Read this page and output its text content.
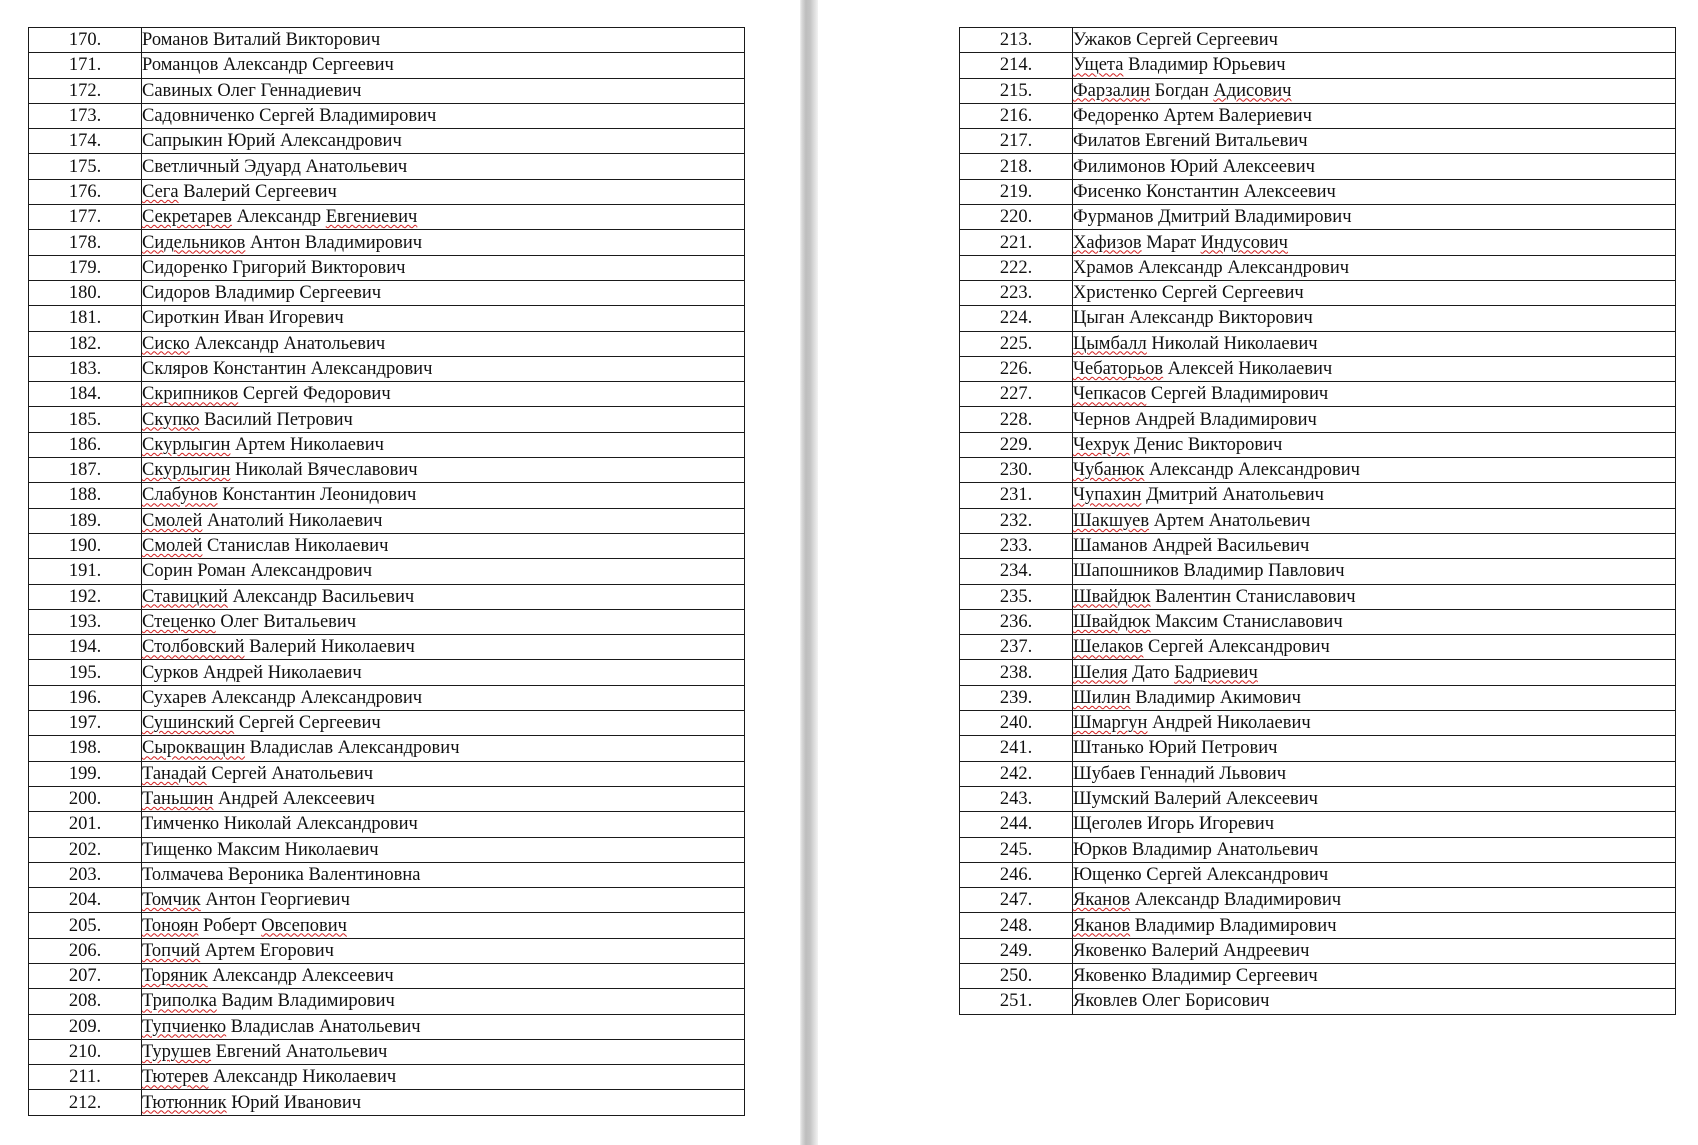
170.	Романов Виталий Викторович
171.	Романцов Александр Сергеевич
172.	Савиных Олег Геннадиевич
173.	Садовниченко Сергей Владимирович
174.	Сапрыкин Юрий Александрович
175.	Светличный Эдуард Анатольевич
176.	Сега Валерий Сергеевич
177.	Секретарев Александр Евгениевич
178.	Сидельников Антон Владимирович
179.	Сидоренко Григорий Викторович
180.	Сидоров Владимир Сергеевич
181.	Сироткин Иван Игоревич
182.	Сиско Александр Анатольевич
183.	Скляров Константин Александрович
184.	Скрипников Сергей Федорович
185.	Скупко Василий Петрович
186.	Скурлыгин Артем Николаевич
187.	Скурлыгин Николай Вячеславович
188.	Слабунов Константин Леонидович
189.	Смолей Анатолий Николаевич
190.	Смолей Станислав Николаевич
191.	Сорин Роман Александрович
192.	Ставицкий Александр Васильевич
193.	Стеценко Олег Витальевич
194.	Столбовский Валерий Николаевич
195.	Сурков Андрей Николаевич
196.	Сухарев Александр Александрович
197.	Сушинский Сергей Сергеевич
198.	Сырокващин Владислав Александрович
199.	Танадай Сергей Анатольевич
200.	Таньшин Андрей Алексеевич
201.	Тимченко Николай Александрович
202.	Тищенко Максим Николаевич
203.	Толмачева Вероника Валентиновна
204.	Томчик Антон Георгиевич
205.	Тоноян Роберт Овсепович
206.	Топчий Артем Егорович
207.	Торяник Александр Алексеевич
208.	Триполка Вадим Владимирович
209.	Тупчиенко Владислав Анатольевич
210.	Турушев Евгений Анатольевич
211.	Тютерев Александр Николаевич
212.	Тютюнник Юрий Иванович
213.	Ужаков Сергей Сергеевич
214.	Ущета Владимир Юрьевич
215.	Фарзалин Богдан Адисович
216.	Федоренко Артем Валериевич
217.	Филатов Евгений Витальевич
218.	Филимонов Юрий Алексеевич
219.	Фисенко Константин Алексеевич
220.	Фурманов Дмитрий Владимирович
221.	Хафизов Марат Индусович
222.	Храмов Александр Александрович
223.	Христенко Сергей Сергеевич
224.	Цыган Александр Викторович
225.	Цымбалл Николай Николаевич
226.	Чебаторьов Алексей Николаевич
227.	Чепкасов Сергей Владимирович
228.	Чернов Андрей Владимирович
229.	Чехрук Денис Викторович
230.	Чубанюк Александр Александрович
231.	Чупахин Дмитрий Анатольевич
232.	Шакшуев Артем Анатольевич
233.	Шаманов Андрей Васильевич
234.	Шапошников Владимир Павлович
235.	Швайдюк Валентин Станиславович
236.	Швайдюк Максим Станиславович
237.	Шелаков Сергей Александрович
238.	Шелия Дато Бадриевич
239.	Шилин Владимир Акимович
240.	Шмаргун Андрей Николаевич
241.	Штанько Юрий Петрович
242.	Шубаев Геннадий Львович
243.	Шумский Валерий Алексеевич
244.	Щеголев Игорь Игоревич
245.	Юрков Владимир Анатольевич
246.	Ющенко Сергей Александрович
247.	Яканов Александр Владимирович
248.	Яканов Владимир Владимирович
249.	Яковенко Валерий Андреевич
250.	Яковенко Владимир Сергеевич
251.	Яковлев Олег Борисович
